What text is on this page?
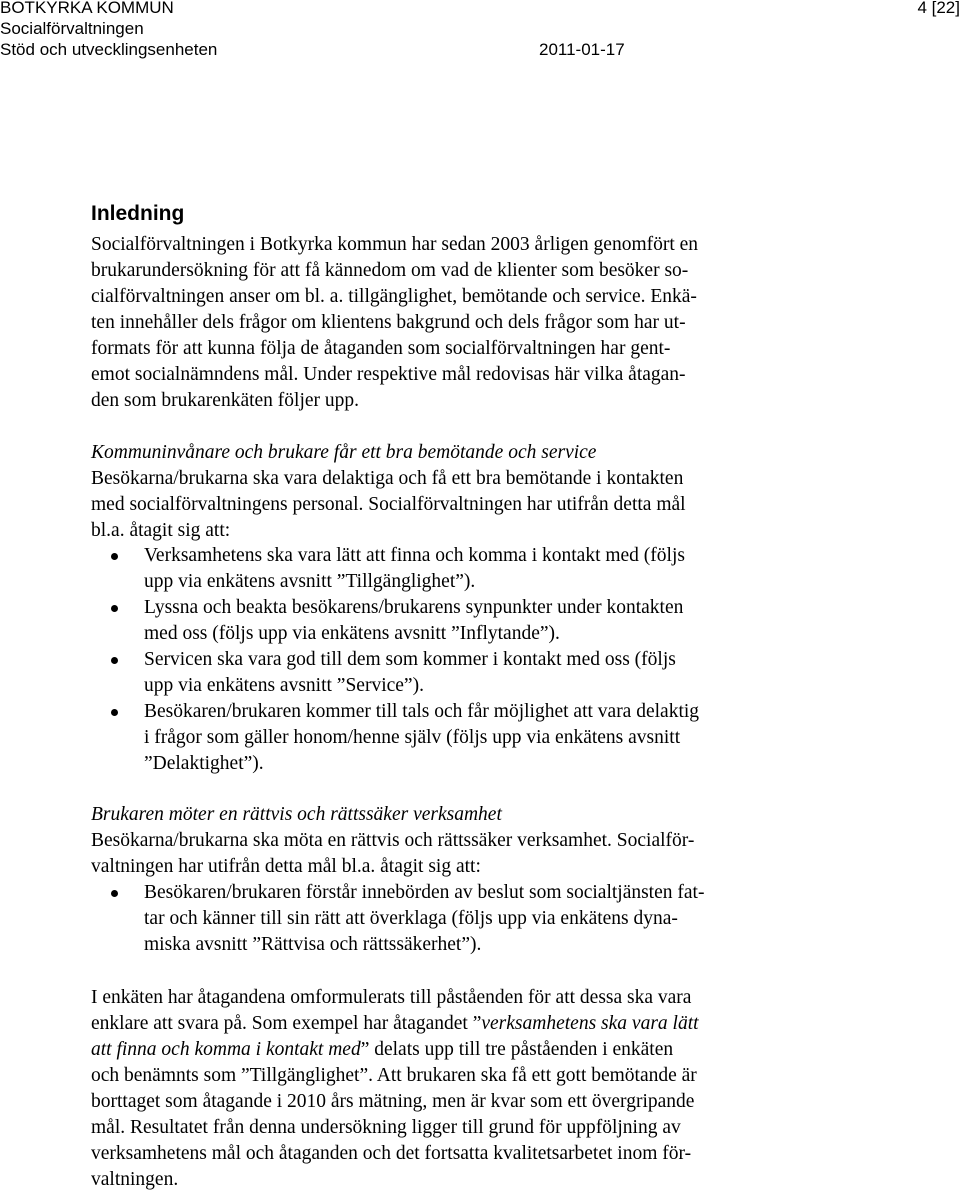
BOTKYRKA KOMMUN
Socialförvaltningen
Stöd och utvecklingsenheten	2011-01-17
4 [22]
Inledning
Socialförvaltningen i Botkyrka kommun har sedan 2003 årligen genomfört en
brukarundersökning för att få kännedom om vad de klienter som besöker so-
cialförvaltningen anser om bl. a. tillgänglighet, bemötande och service. Enkä-
ten innehåller dels frågor om klientens bakgrund och dels frågor som har ut-
formats för att kunna följa de åtaganden som socialförvaltningen har gent-
emot socialnämndens mål. Under respektive mål redovisas här vilka åtagan-
den som brukarenkäten följer upp.
Kommuninvånare och brukare får ett bra bemötande och service
Besökarna/brukarna ska vara delaktiga och få ett bra bemötande i kontakten
med socialförvaltningens personal. Socialförvaltningen har utifrån detta mål
bl.a. åtagit sig att:
Verksamhetens ska vara lätt att finna och komma i kontakt med (följs
upp via enkätens avsnitt ”Tillgänglighet”).
Lyssna och beakta besökarens/brukarens synpunkter under kontakten
med oss (följs upp via enkätens avsnitt ”Inflytande”).
Servicen ska vara god till dem som kommer i kontakt med oss (följs
upp via enkätens avsnitt ”Service”).
Besökaren/brukaren kommer till tals och får möjlighet att vara delaktig
i frågor som gäller honom/henne själv (följs upp via enkätens avsnitt
”Delaktighet”).
Brukaren möter en rättvis och rättssäker verksamhet
Besökarna/brukarna ska möta en rättvis och rättssäker verksamhet. Socialför-
valtningen har utifrån detta mål bl.a. åtagit sig att:
Besökaren/brukaren förstår innebörden av beslut som socialtjänsten fat-
tar och känner till sin rätt att överklaga (följs upp via enkätens dyna-
miska avsnitt ”Rättvisa och rättssäkerhet”).
I enkäten har åtagandena omformulerats till påståenden för att dessa ska vara
enklare att svara på. Som exempel har åtagandet ”verksamhetens ska vara lätt
att finna och komma i kontakt med” delats upp till tre påståenden i enkäten
och benämnts som ”Tillgänglighet”. Att brukaren ska få ett gott bemötande är
borttaget som åtagande i 2010 års mätning, men är kvar som ett övergripande
mål. Resultatet från denna undersökning ligger till grund för uppföljning av
verksamhetens mål och åtaganden och det fortsatta kvalitetsarbetet inom för-
valtningen.
